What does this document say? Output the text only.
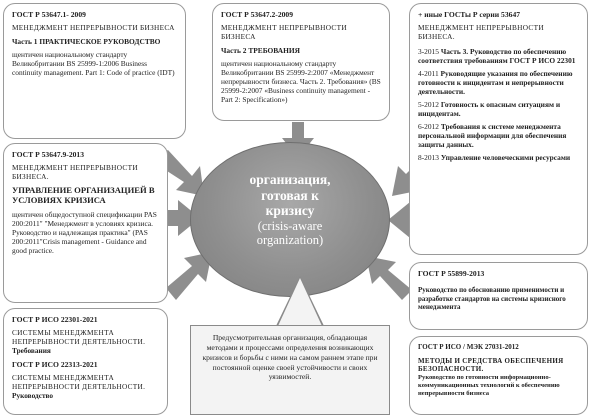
ГОСТ Р 53647.1- 2009
МЕНЕДЖМЕНТ НЕПРЕРЫВНОСТИ БИЗНЕСА
Часть 1 ПРАКТИЧЕСКОЕ РУКОВОДСТВО
щентичен национальному стандарту Великобритании BS 25999-1:2006 Business continuity management. Part 1: Code of practice (IDT)
ГОСТ Р 53647.2-2009
МЕНЕДЖМЕНТ НЕПРЕРЫВНОСТИ БИЗНЕСА
Часть 2 ТРЕБОВАНИЯ
щентичен национальному стандарту Великобритании BS 25999-2:2007 «Менеджмент непрерывности бизнеса. Часть 2. Требования» (BS 25999-2:2007 «Business continuity management - Part 2: Specification»)
+ иные ГОСТы Р серии 53647
МЕНЕДЖМЕНТ НЕПРЕРЫВНОСТИ БИЗНЕСА.

3-2015 Часть 3. Руководство по обеспечению соответствия требованиям ГОСТ Р ИСО 22301

4-2011 Руководящие указания по обеспечению готовности к инцидентам и непрерывности деятельности.

5-2012 Готовность к опасным ситуациям и инцидентам.

6-2012 Требования к системе менеджмента персональной информации для обеспечения защиты данных.

8-2013 Управление человеческими ресурсами

ГОСТ Р 53647.9-2013
МЕНЕДЖМЕНТ НЕПРЕРЫВНОСТИ БИЗНЕСА.
УПРАВЛЕНИЕ ОРГАНИЗАЦИЕЙ В УСЛОВИЯХ КРИЗИСА
щентичен общедоступной спецификации PAS 200:2011" "Менеджмент в условиях кризиса. Руководство и надлежащая практика" (PAS 200:2011"Crisis management - Guidance and good practice.
ГОСТ Р 55899-2013
Руководство по обоснованию применимости и разработке стандартов на системы кризисного менеджмента
ГОСТ Р ИСО 22301-2021
СИСТЕМЫ МЕНЕДЖМЕНТА НЕПРЕРЫВНОСТИ ДЕЯТЕЛЬНОСТИ. Требования
ГОСТ Р ИСО 22313-2021
СИСТЕМЫ МЕНЕДЖМЕНТА НЕПРЕРЫВНОСТИ ДЕЯТЕЛЬНОСТИ. Руководство
ГОСТ Р ИСО / МЭК 27031-2012
МЕТОДЫ И СРЕДСТВА ОБЕСПЕЧЕНИЯ БЕЗОПАСНОСТИ.
Руководство по готовности информационно-коммуникационных технологий к обеспечению непрерывности бизнеса
организация,
готовая к
кризису
(crisis-aware
organization)
Предусмотрительная организация, обладающая методами и процессами определения возникающих кризисов и борьбы с ними на самом раннем этапе при постоянной оценке своей устойчивости и своих уязвимостей.
